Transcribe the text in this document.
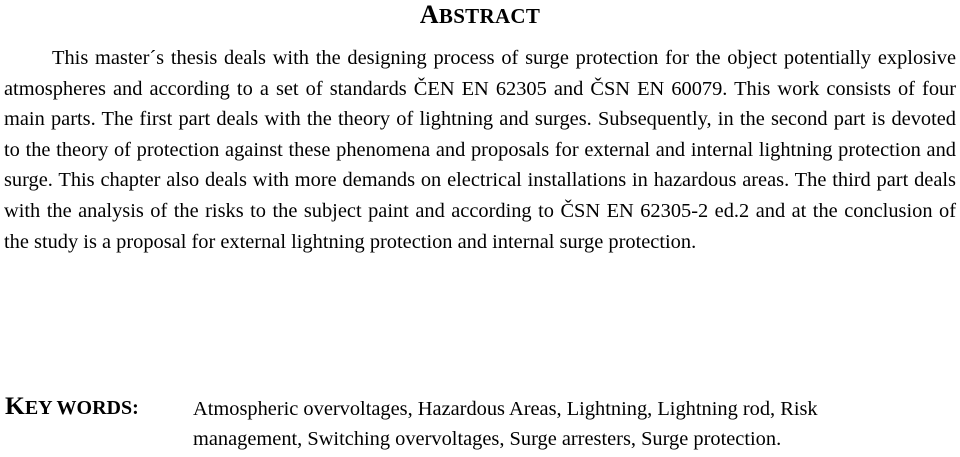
ABSTRACT

This master´s thesis deals with the designing process of surge protection for the object potentially explosive atmospheres and according to a set of standards ČEN EN 62305 and ČSN EN 60079. This work consists of four main parts. The first part deals with the theory of lightning and surges. Subsequently, in the second part is devoted to the theory of protection against these phenomena and proposals for external and internal lightning protection and surge. This chapter also deals with more demands on electrical installations in hazardous areas. The third part deals with the analysis of the risks to the subject paint and according to ČSN EN 62305-2 ed.2 and at the conclusion of the study is a proposal for external lightning protection and internal surge protection.

KEY WORDS:	Atmospheric overvoltages, Hazardous Areas, Lightning, Lightning rod, Risk
management, Switching overvoltages, Surge arresters, Surge protection.
